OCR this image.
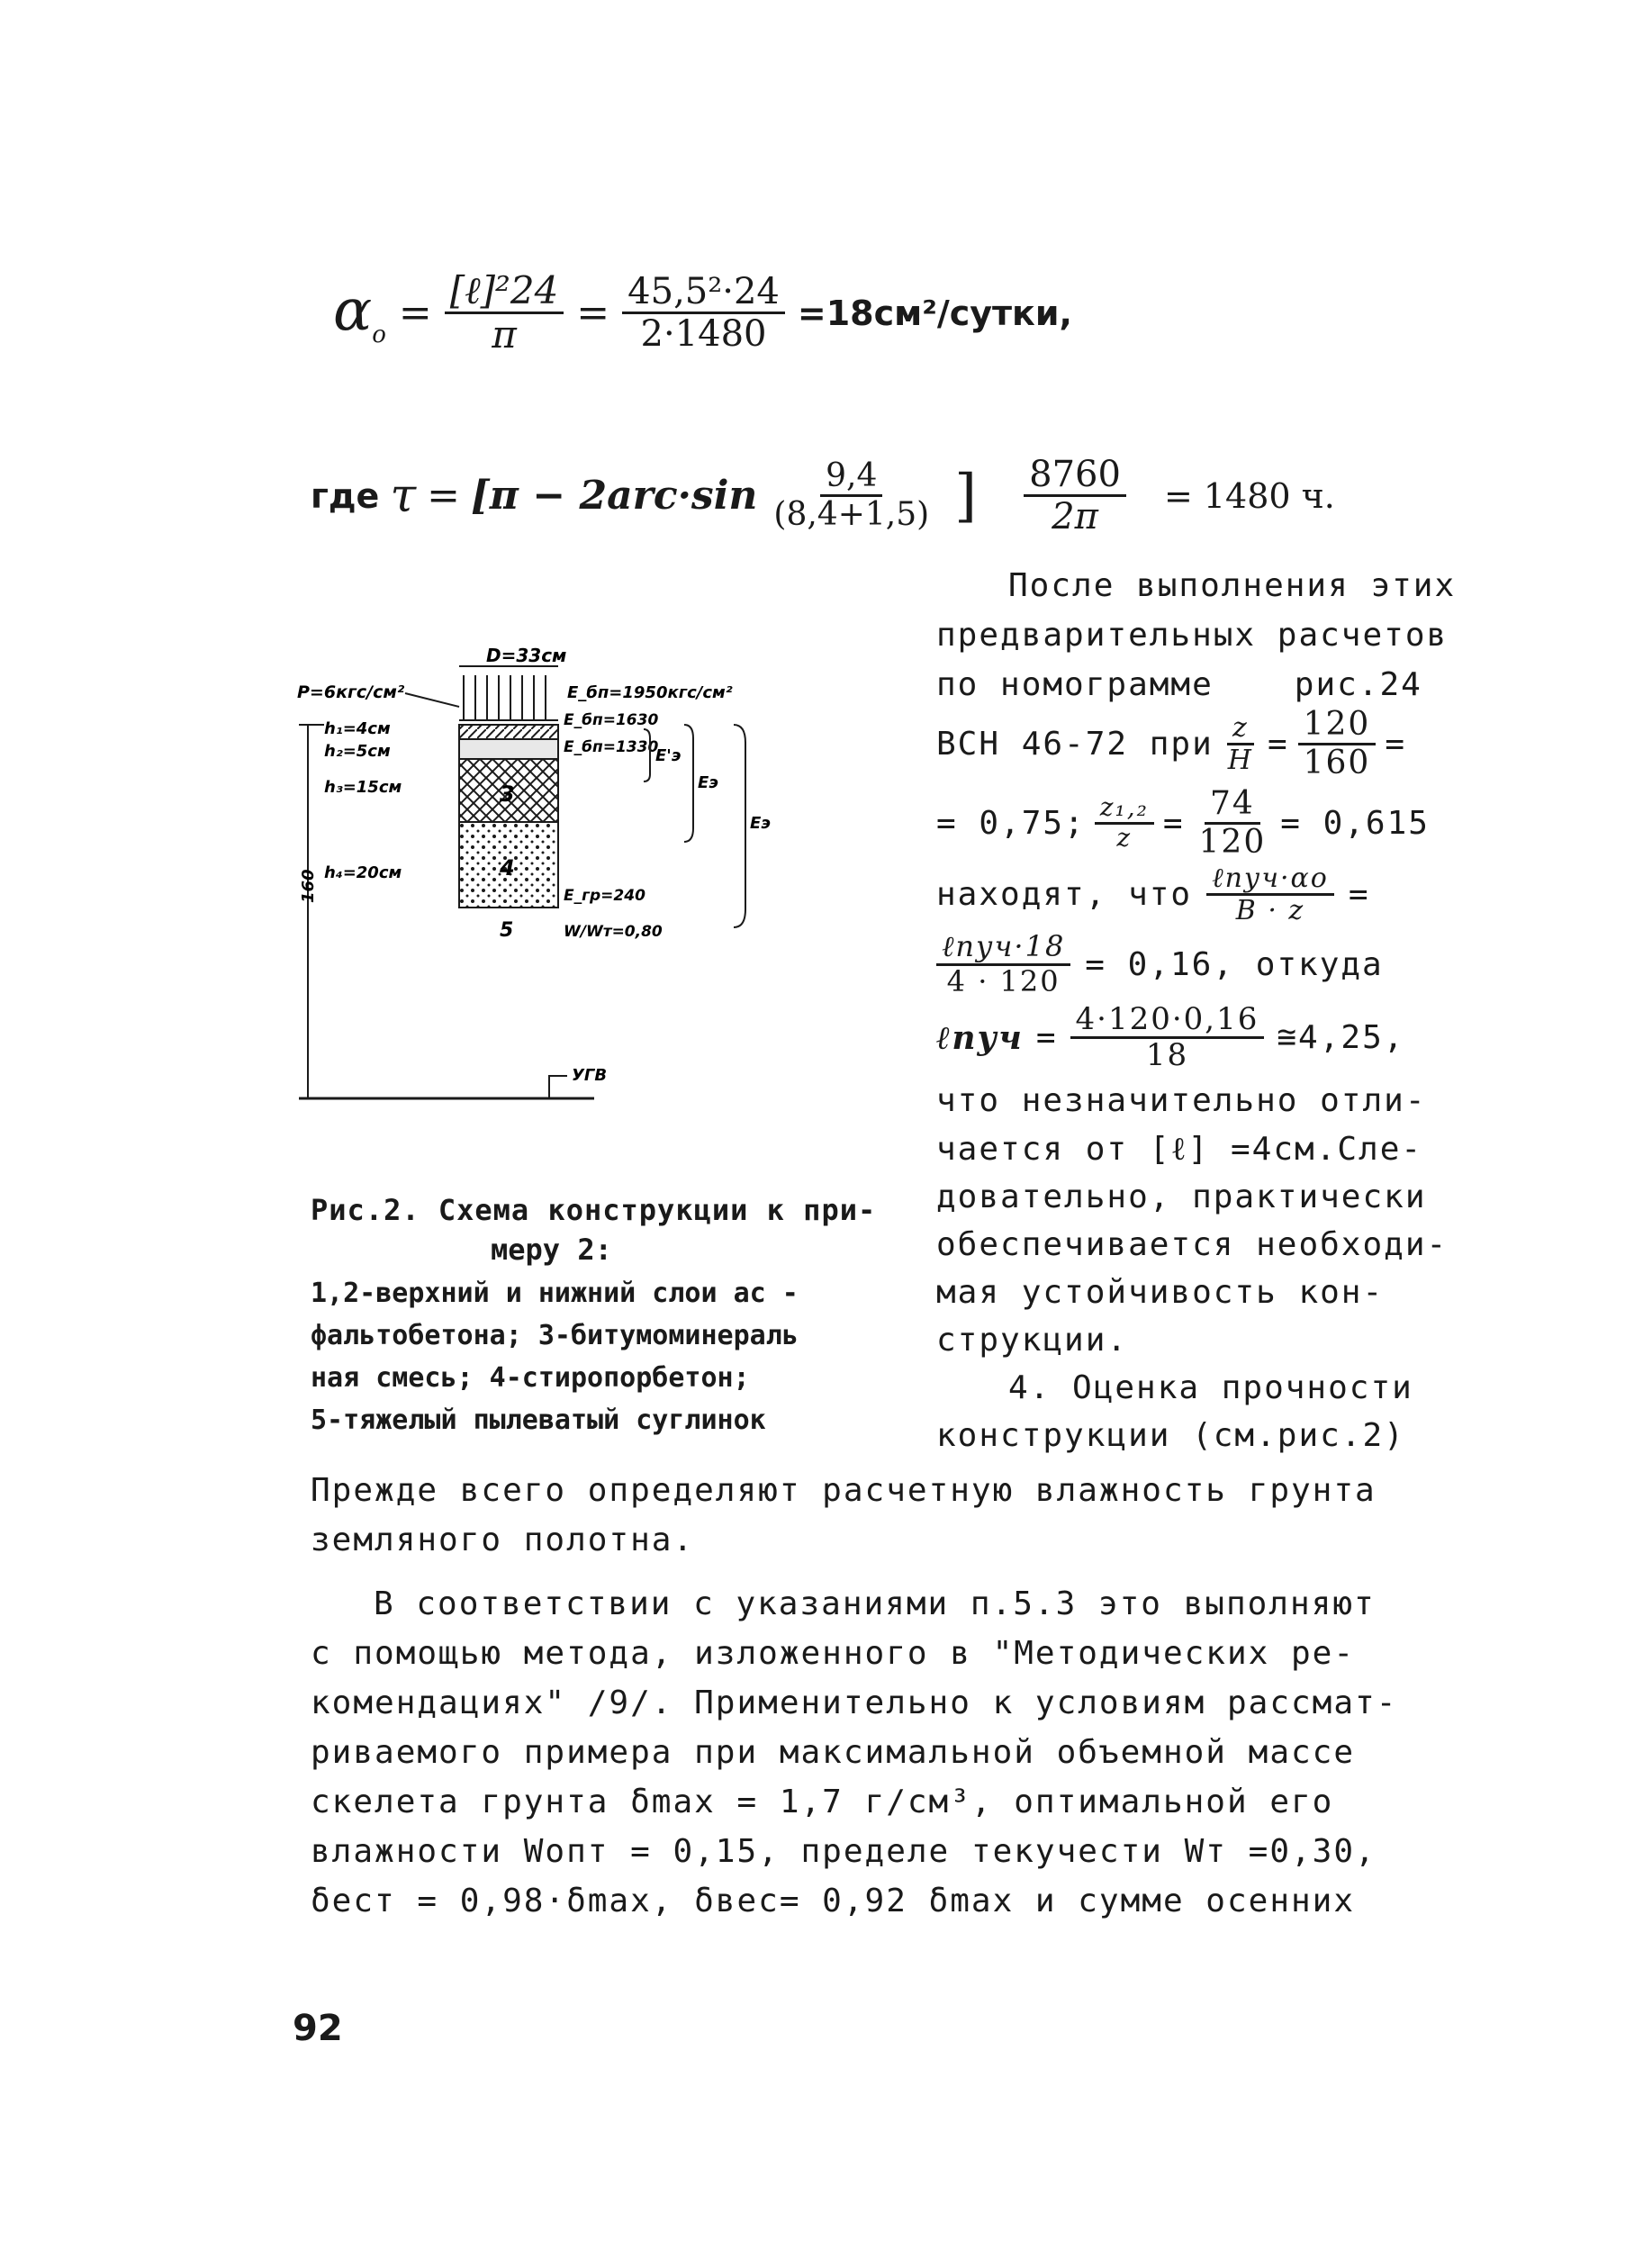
$\alpha_o = \frac{\text{[ℓ]²24}}{\pi} = \frac{\text{45,5²·24}}{2\cdot 1480}$ =18см²/сутки,
где $\tau = [\pi - 2arc\cdot\sin \frac{9,4}{(8,4+1,5)}$ ] $\frac{8760}{2\pi} = 1480$ ч.
D=33см
P=6кгс/см²	E_бп=1950кгс/см²
3
4
5
h₁=4см
h₂=5см
h₃=15см
h₄=20см
160
E_бп=1630
E_бп=1330
E_гр=240
W/Wт=0,80
E'э
Eэ
Eэ
УГВ
Рис.2. Схема конструкции к при-
меру 2:
1,2-верхний и нижний слои ас -
фальтобетона; 3-битумоминераль
ная смесь; 4-стиропорбетон;
5-тяжелый пылеватый суглинок
После выполнения этих
предварительных расчетов
по номограмме	рис.24
ВСН 46-72 при $\frac{z}{H} = \frac{120}{160}$ =
= 0,75; $\frac{\text{z₁,₂}}{z} = \frac{74}{120} = 0,615$
находят, что $\frac{\text{ℓпуч·αо}}{B \cdot z}$ =
$\frac{\text{ℓпуч·18}}{4 \cdot 120} = 0,16$, откуда
ℓпуч = $\frac{4\cdot 120\cdot 0,16}{18}$ ≅4,25,
что незначительно отли-
чается от [ℓ] =4см.Сле-
довательно, практически
обеспечивается необходи-
мая устойчивость кон-
струкции.
4. Оценка прочности
конструкции (см.рис.2)
Прежде всего определяют расчетную влажность грунта
земляного полотна.
В соответствии с указаниями п.5.3 это выполняют
с помощью метода, изложенного в "Методических ре-
комендациях" /9/. Применительно к условиям рассмат-
риваемого примера при максимальной объемной массе
скелета грунта δmax = 1,7 г/см³, оптимальной его
влажности Wопт = 0,15, пределе текучести Wт =0,30,
δест = 0,98·δmax, δвес= 0,92 δmax и сумме осенних
92
